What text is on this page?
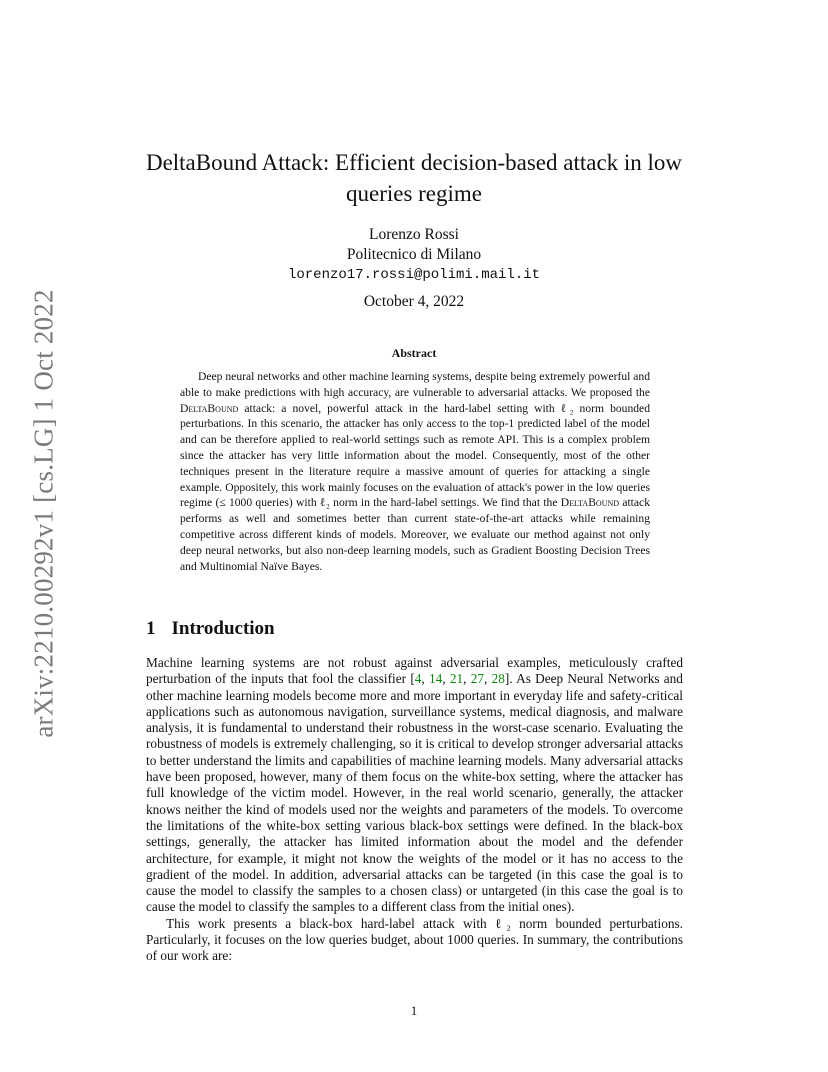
arXiv:2210.00292v1 [cs.LG] 1 Oct 2022
DeltaBound Attack: Efficient decision-based attack in low queries regime
Lorenzo Rossi
Politecnico di Milano
lorenzo17.rossi@polimi.mail.it
October 4, 2022
Abstract

Deep neural networks and other machine learning systems, despite being extremely powerful and able to make predictions with high accuracy, are vulnerable to adversarial attacks. We proposed the DeltaBound attack: a novel, powerful attack in the hard-label setting with ℓ₂ norm bounded perturbations. In this scenario, the attacker has only access to the top-1 predicted label of the model and can be therefore applied to real-world settings such as remote API. This is a complex problem since the attacker has very little information about the model. Consequently, most of the other techniques present in the literature require a massive amount of queries for attacking a single example. Oppositely, this work mainly focuses on the evaluation of attack's power in the low queries regime (≤ 1000 queries) with ℓ₂ norm in the hard-label settings. We find that the DeltaBound attack performs as well and sometimes better than current state-of-the-art attacks while remaining competitive across different kinds of models. Moreover, we evaluate our method against not only deep neural networks, but also non-deep learning models, such as Gradient Boosting Decision Trees and Multinomial Naïve Bayes.

1 Introduction

Machine learning systems are not robust against adversarial examples, meticulously crafted perturbation of the inputs that fool the classifier [4, 14, 21, 27, 28]. As Deep Neural Networks and other machine learning models become more and more important in everyday life and safety-critical applications such as autonomous navigation, surveillance systems, medical diagnosis, and malware analysis, it is fundamental to understand their robustness in the worst-case scenario. Evaluating the robustness of models is extremely challenging, so it is critical to develop stronger adversarial attacks to better understand the limits and capabilities of machine learning models. Many adversarial attacks have been proposed, however, many of them focus on the white-box setting, where the attacker has full knowledge of the victim model. However, in the real world scenario, generally, the attacker knows neither the kind of models used nor the weights and parameters of the models. To overcome the limitations of the white-box setting various black-box settings were defined. In the black-box settings, generally, the attacker has limited information about the model and the defender architecture, for example, it might not know the weights of the model or it has no access to the gradient of the model. In addition, adversarial attacks can be targeted (in this case the goal is to cause the model to classify the samples to a chosen class) or untargeted (in this case the goal is to cause the model to classify the samples to a different class from the initial ones).

This work presents a black-box hard-label attack with ℓ₂ norm bounded perturbations. Particularly, it focuses on the low queries budget, about 1000 queries. In summary, the contributions of our work are:

1
